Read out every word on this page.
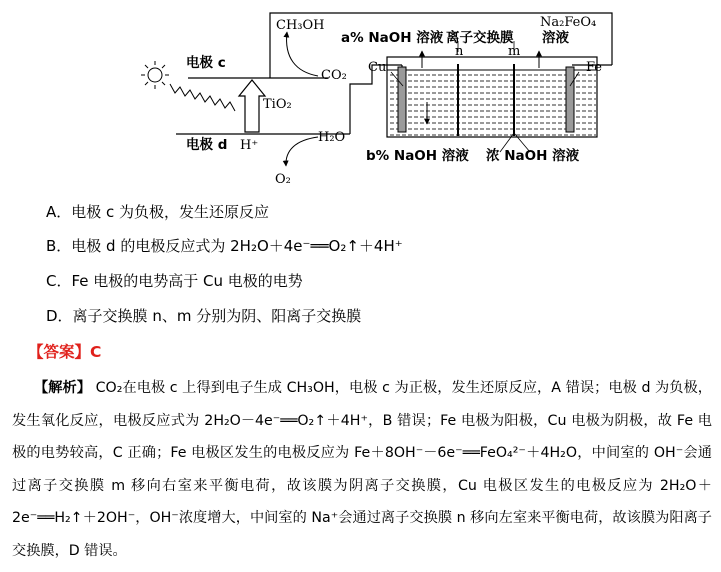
电极 c
电极 d
TiO₂
H⁺
CH₃OH
CO₂
H₂O
O₂
Cu	Fe
a% NaOH 溶液 离子交换膜
n	m
Na₂FeO₄
溶液
b% NaOH 溶液 浓 NaOH 溶液
A．电极 c 为负极，发生还原反应
B．电极 d 的电极反应式为 2H₂O＋4e⁻══O₂↑＋4H⁺
C．Fe 电极的电势高于 Cu 电极的电势
D．离子交换膜 n、m 分别为阴、阳离子交换膜
【答案】C
【解析】 CO₂在电极 c 上得到电子生成 CH₃OH，电极 c 为正极，发生还原反应，A 错误；电极 d 为负极，发生氧化反应，电极反应式为 2H₂O－4e⁻══O₂↑＋4H⁺，B 错误；Fe 电极为阳极，Cu 电极为阴极，故 Fe 电极的电势较高，C 正确；Fe 电极区发生的电极反应为 Fe＋8OH⁻－6e⁻══FeO₄²⁻＋4H₂O，中间室的 OH⁻会通过离子交换膜 m 移向右室来平衡电荷，故该膜为阴离子交换膜，Cu 电极区发生的电极反应为 2H₂O＋2e⁻══H₂↑＋2OH⁻，OH⁻浓度增大，中间室的 Na⁺会通过离子交换膜 n 移向左室来平衡电荷，故该膜为阳离子交换膜，D 错误。
